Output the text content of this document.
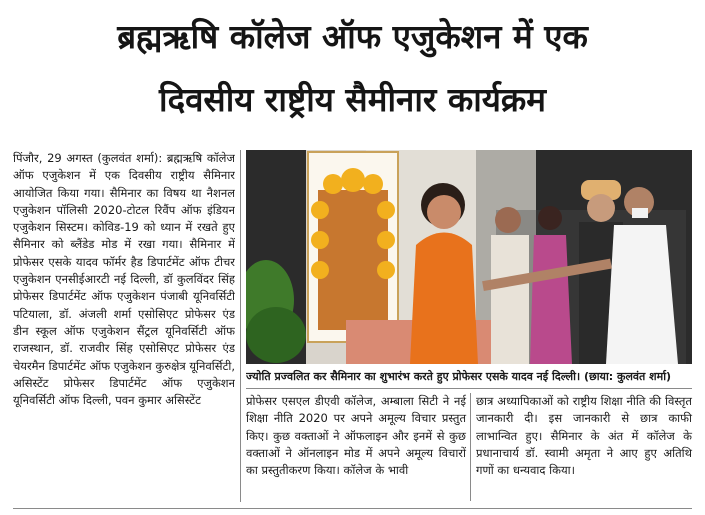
ब्रह्मऋषि कॉलेज ऑफ एजुकेशन में एक
दिवसीय राष्ट्रीय सैमीनार कार्यक्रम
पिंजौर, 29 अगस्त (कुलवंत शर्मा): ब्रह्मऋषि कॉलेज ऑफ एजुकेशन में एक दिवसीय राष्ट्रीय सैमिनार आयोजित किया गया। सैमिनार का विषय था नैशनल एजुकेशन पॉलिसी 2020-टोटल रिवैंप ऑफ इंडियन एजुकेशन सिस्टम। कोविड-19 को ध्यान में रखते हुए सैमिनार को ब्लैंडेड मोड में रखा गया। सैमिनार में प्रोफेसर एसके यादव फॉर्मर हैड डिपार्टमेंट ऑफ टीचर एजुकेशन एनसीईआरटी नई दिल्ली, डॉ कुलविंदर सिंह प्रोफेसर डिपार्टमेंट ऑफ एजुकेशन पंजाबी यूनिवर्सिटी पटियाला, डॉ. अंजली शर्मा एसोसिएट प्रोफेसर एंड डीन स्कूल ऑफ एजुकेशन सैंट्रल यूनिवर्सिटी ऑफ राजस्थान, डॉ. राजवीर सिंह एसोसिएट प्रोफेसर एंड चेयरमैन डिपार्टमेंट ऑफ एजुकेशन कुरुक्षेत्र यूनिवर्सिटी, असिस्टेंट प्रोफेसर डिपार्टमेंट ऑफ एजुकेशन यूनिवर्सिटी ऑफ दिल्ली, पवन कुमार असिस्टेंट
ज्योति प्रज्वलित कर सैमिनार का शुभारंभ करते हुए प्रोफेसर एसके यादव नई दिल्ली। (छाया: कुलवंत शर्मा)
प्रोफेसर एसएल डीएवी कॉलेज, अम्बाला सिटी ने नई शिक्षा नीति 2020 पर अपने अमूल्य विचार प्रस्तुत किए। कुछ वक्ताओं ने ऑफलाइन और इनमें से कुछ वक्ताओं ने ऑनलाइन मोड में अपने अमूल्य विचारों का प्रस्तुतीकरण किया। कॉलेज के भावी
छात्र अध्यापिकाओं को राष्ट्रीय शिक्षा नीति की विस्तृत जानकारी दी। इस जानकारी से छात्र काफी लाभान्वित हुए। सैमिनार के अंत में कॉलेज के प्रधानाचार्य डॉ. स्वामी अमृता ने आए हुए अतिथि गणों का धन्यवाद किया।
